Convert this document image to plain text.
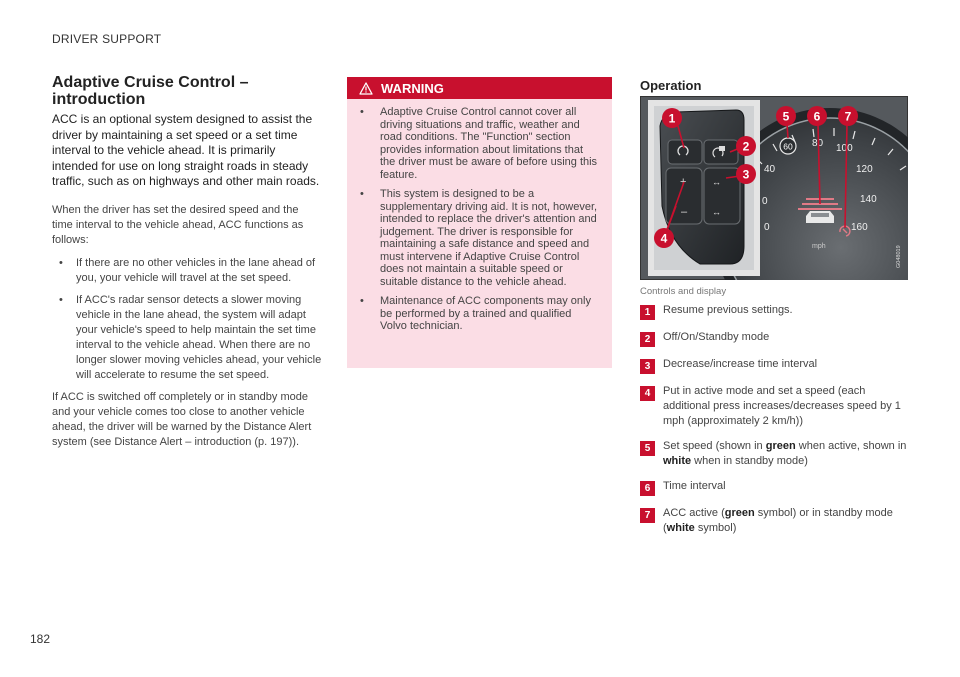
DRIVER SUPPORT
Adaptive Cruise Control – introduction

ACC is an optional system designed to assist the driver by maintaining a set speed or a set time interval to the vehicle ahead. It is primarily intended for use on long straight roads in steady traffic, such as on highways and other main roads.

When the driver has set the desired speed and the time interval to the vehicle ahead, ACC functions as follows:

• If there are no other vehicles in the lane ahead of you, your vehicle will travel at the set speed.
• If ACC's radar sensor detects a slower moving vehicle in the lane ahead, the system will adapt your vehicle's speed to help maintain the set time interval to the vehicle ahead. When there are no longer slower moving vehicles ahead, your vehicle will accelerate to resume the set speed.

If ACC is switched off completely or in standby mode and your vehicle comes too close to another vehicle ahead, the driver will be warned by the Distance Alert system (see Distance Alert – introduction (p. 197)).

WARNING
• Adaptive Cruise Control cannot cover all driving situations and traffic, weather and road conditions. The "Function" section provides information about limitations that the driver must be aware of before using this feature.
• This system is designed to be a supplementary driving aid. It is not, however, intended to replace the driver's attention and judgement. The driver is responsible for maintaining a safe distance and speed and must intervene if Adaptive Cruise Control does not maintain a suitable speed or suitable distance to the vehicle ahead.
• Maintenance of ACC components may only be performed by a trained and qualified Volvo technician.
Operation
0
0
40
80 100
120
140
160
mph
60
+
–
↔
↔
1
2
3
4
5 6 7
G048019
Controls and display
1	Resume previous settings.
2	Off/On/Standby mode
3	Decrease/increase time interval
4	Put in active mode and set a speed (each additional press increases/decreases speed by 1 mph (approximately 2 km/h))
5	Set speed (shown in green when active, shown in white when in standby mode)
6	Time interval
7	ACC active (green symbol) or in standby mode (white symbol)
182
